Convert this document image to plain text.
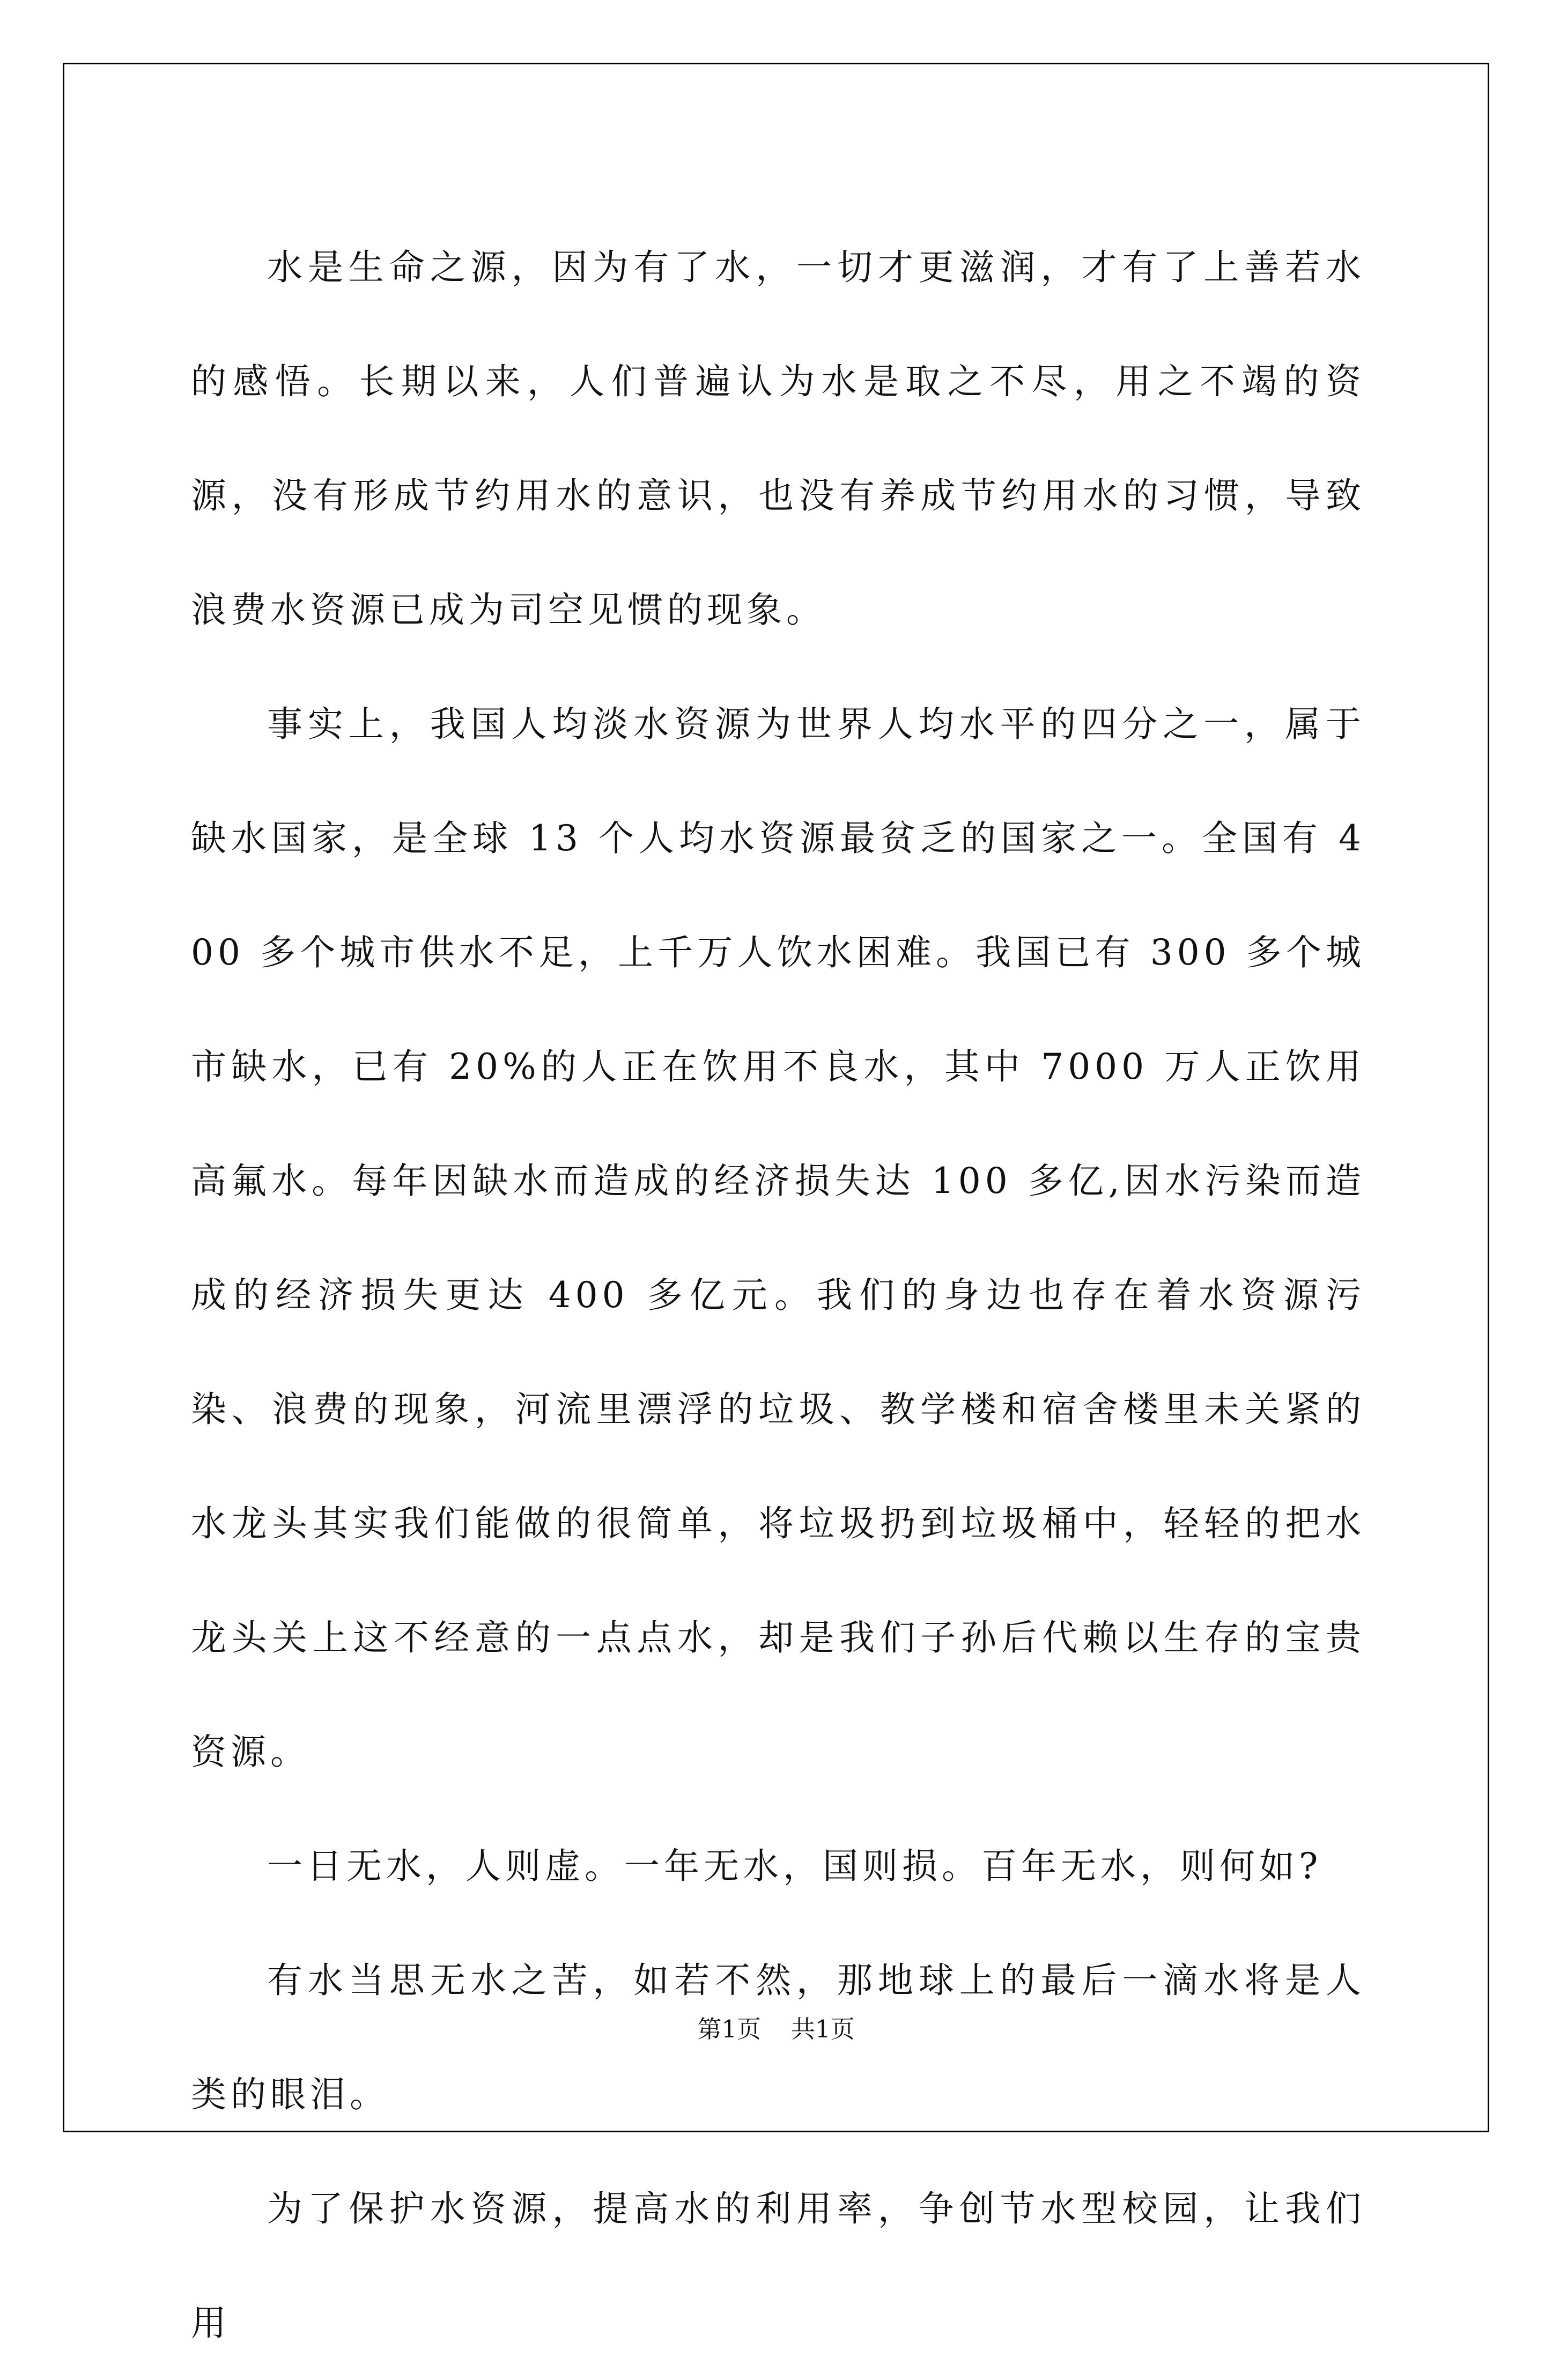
水是生命之源，因为有了水，一切才更滋润，才有了上善若水的感悟。长期以来，人们普遍认为水是取之不尽，用之不竭的资源，没有形成节约用水的意识，也没有养成节约用水的习惯，导致浪费水资源已成为司空见惯的现象。

事实上，我国人均淡水资源为世界人均水平的四分之一，属于缺水国家，是全球 13 个人均水资源最贫乏的国家之一。全国有 400 多个城市供水不足，上千万人饮水困难。我国已有 300 多个城市缺水，已有 20%的人正在饮用不良水，其中 7000 万人正饮用高氟水。每年因缺水而造成的经济损失达 100 多亿,因水污染而造成的经济损失更达 400 多亿元。我们的身边也存在着水资源污染、浪费的现象，河流里漂浮的垃圾、教学楼和宿舍楼里未关紧的水龙头其实我们能做的很简单，将垃圾扔到垃圾桶中，轻轻的把水龙头关上这不经意的一点点水，却是我们子孙后代赖以生存的宝贵资源。

一日无水，人则虚。一年无水，国则损。百年无水，则何如?

有水当思无水之苦，如若不然，那地球上的最后一滴水将是人类的眼泪。

为了保护水资源，提高水的利用率，争创节水型校园，让我们用

第1页 共1页
